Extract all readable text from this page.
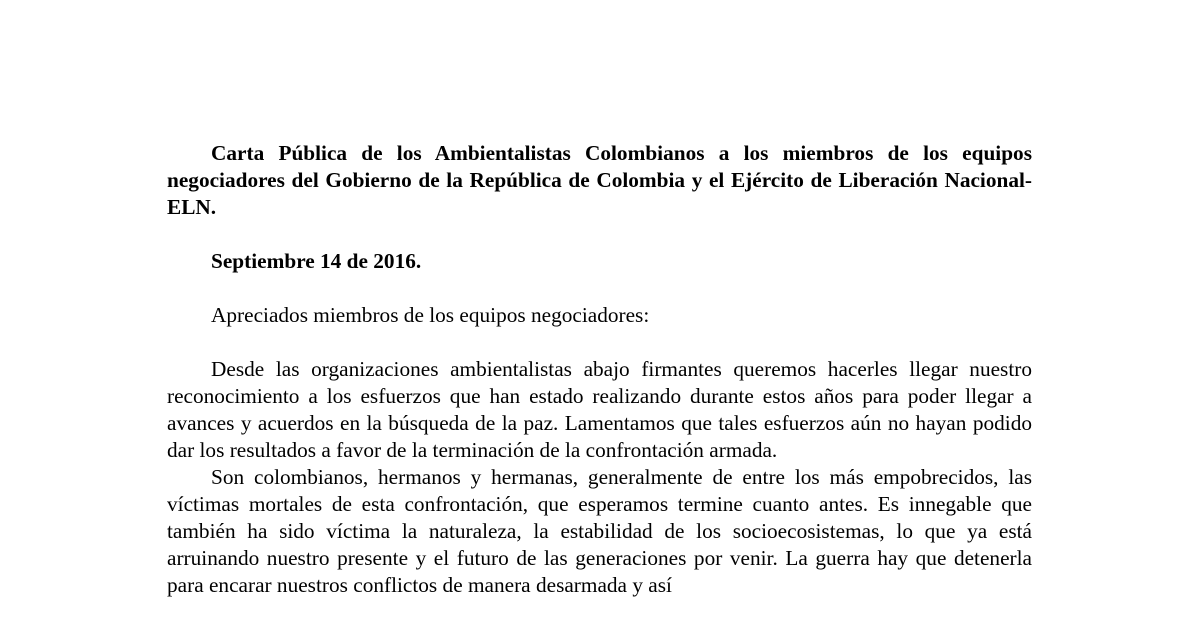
Carta Pública de los Ambientalistas Colombianos a los miembros de los equipos negociadores del Gobierno de la República de Colombia y el Ejército de Liberación Nacional-ELN.

Septiembre 14 de 2016.

Apreciados miembros de los equipos negociadores:

Desde las organizaciones ambientalistas abajo firmantes queremos hacerles llegar nuestro reconocimiento a los esfuerzos que han estado realizando durante estos años para poder llegar a avances y acuerdos en la búsqueda de la paz. Lamentamos que tales esfuerzos aún no hayan podido dar los resultados a favor de la terminación de la confrontación armada.

Son colombianos, hermanos y hermanas, generalmente de entre los más empobrecidos, las víctimas mortales de esta confrontación, que esperamos termine cuanto antes. Es innegable que también ha sido víctima la naturaleza, la estabilidad de los socioecosistemas, lo que ya está arruinando nuestro presente y el futuro de las generaciones por venir. La guerra hay que detenerla para encarar nuestros conflictos de manera desarmada y así
